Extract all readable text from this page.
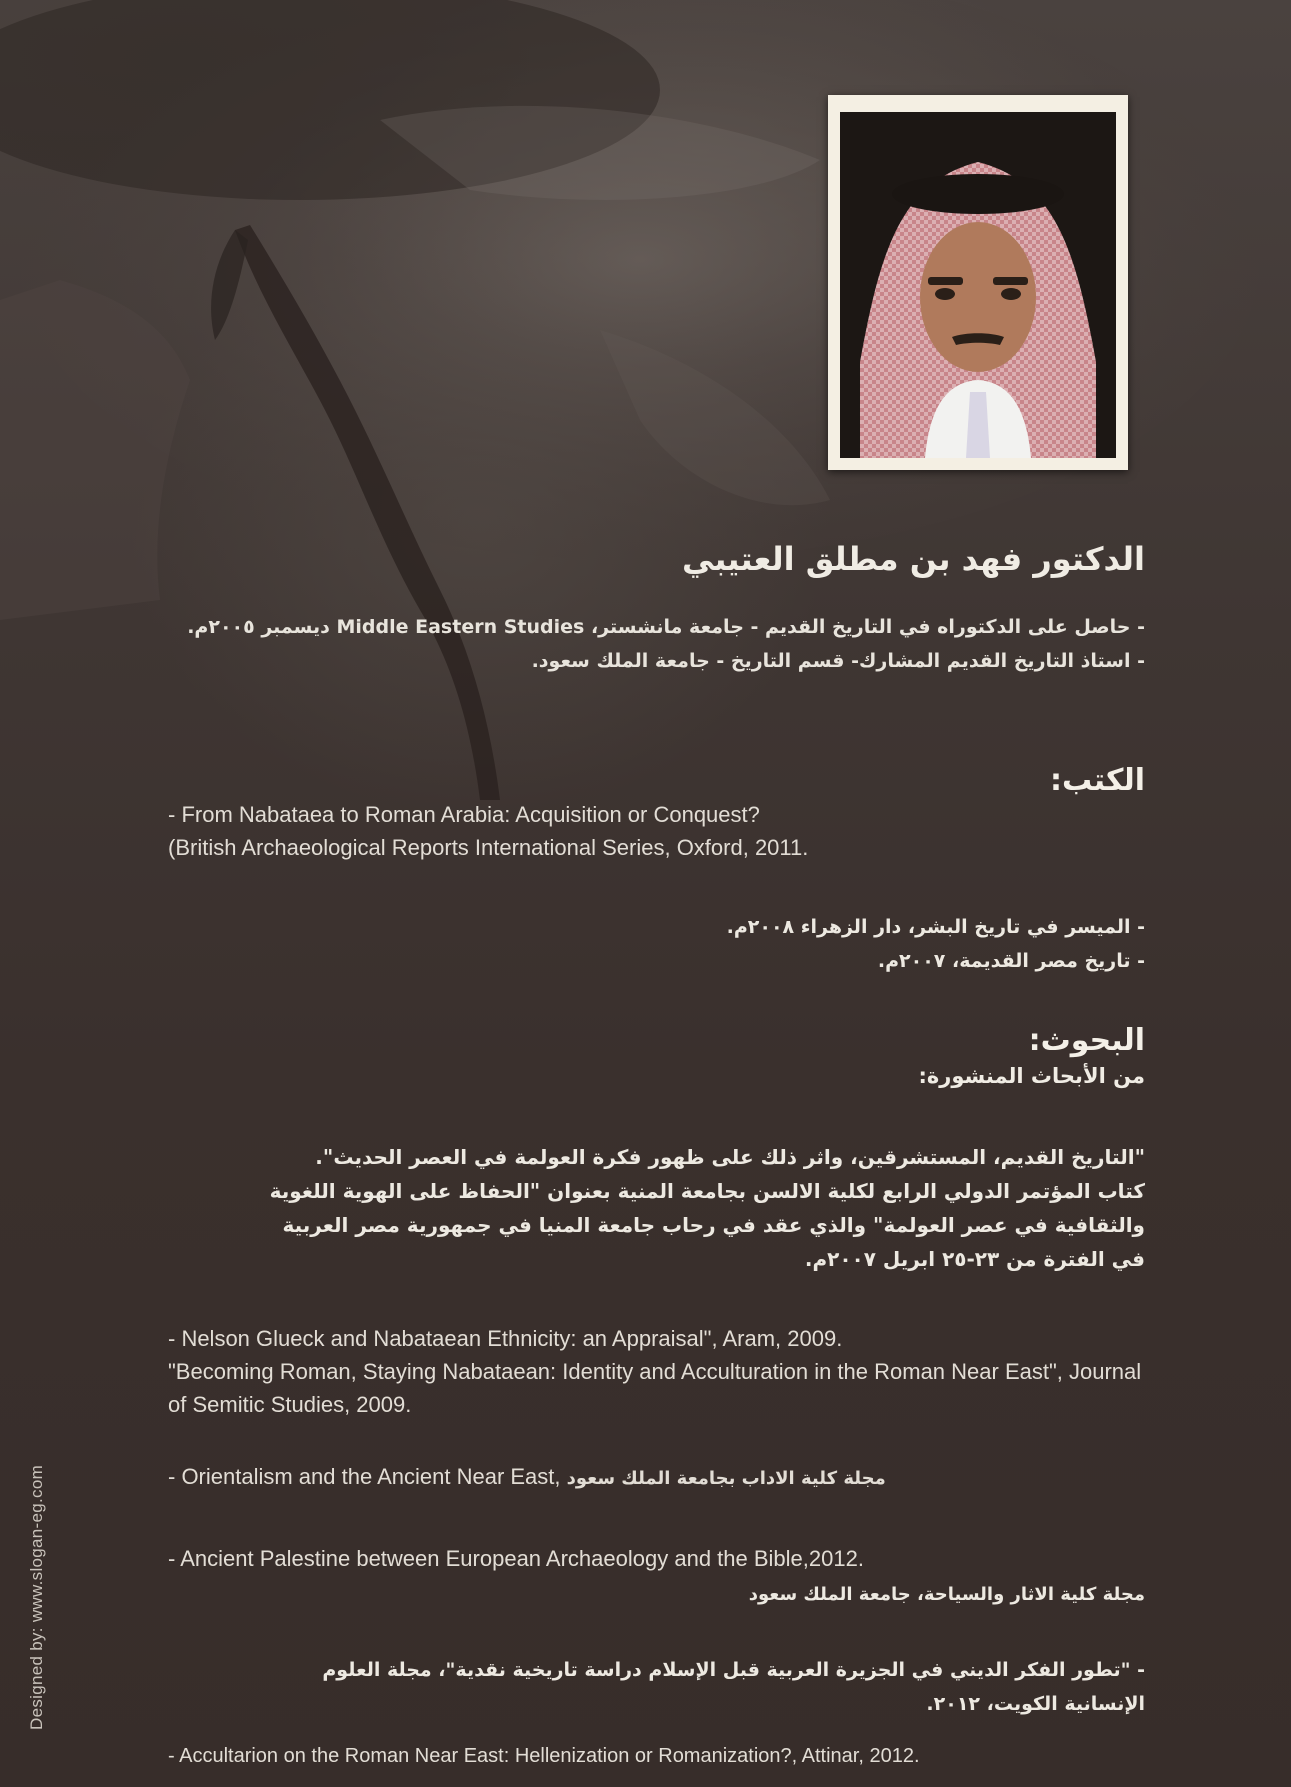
الدكتور فهد بن مطلق العتيبي

- حاصل على الدكتوراه في التاريخ القديم - جامعة مانشستر، Middle Eastern Studies ديسمبر ٢٠٠٥م.

- استاذ التاريخ القديم المشارك- قسم التاريخ - جامعة الملك سعود.

الكتب:

- From Nabataea to Roman Arabia: Acquisition or Conquest?

(British Archaeological Reports International Series, Oxford, 2011.

- الميسر في تاريخ البشر، دار الزهراء ٢٠٠٨م.

- تاريخ مصر القديمة، ٢٠٠٧م.

البحوث:
من الأبحاث المنشورة:

"التاريخ القديم، المستشرقين، واثر ذلك على ظهور فكرة العولمة في العصر الحديث".

كتاب المؤتمر الدولي الرابع لكلية الالسن بجامعة المنية بعنوان "الحفاظ على الهوية اللغوية

والثقافية في عصر العولمة" والذي عقد في رحاب جامعة المنيا في جمهورية مصر العربية

في الفترة من ٢٣-٢٥ ابريل ٢٠٠٧م.

- Nelson Glueck and Nabataean Ethnicity: an Appraisal", Aram, 2009.

"Becoming Roman, Staying Nabataean: Identity and Acculturation in the Roman Near East", Journal of Semitic Studies, 2009.

- Orientalism and the Ancient Near East, مجلة كلية الاداب بجامعة الملك سعود

- Ancient Palestine between European Archaeology and the Bible,2012.

مجلة كلية الاثار والسياحة، جامعة الملك سعود

- "تطور الفكر الديني في الجزيرة العربية قبل الإسلام دراسة تاريخية نقدية"، مجلة العلوم

الإنسانية الكويت، ٢٠١٢.

- Accultarion on the Roman Near East: Hellenization or Romanization?, Attinar, 2012.

Designed by: www.slogan-eg.com
